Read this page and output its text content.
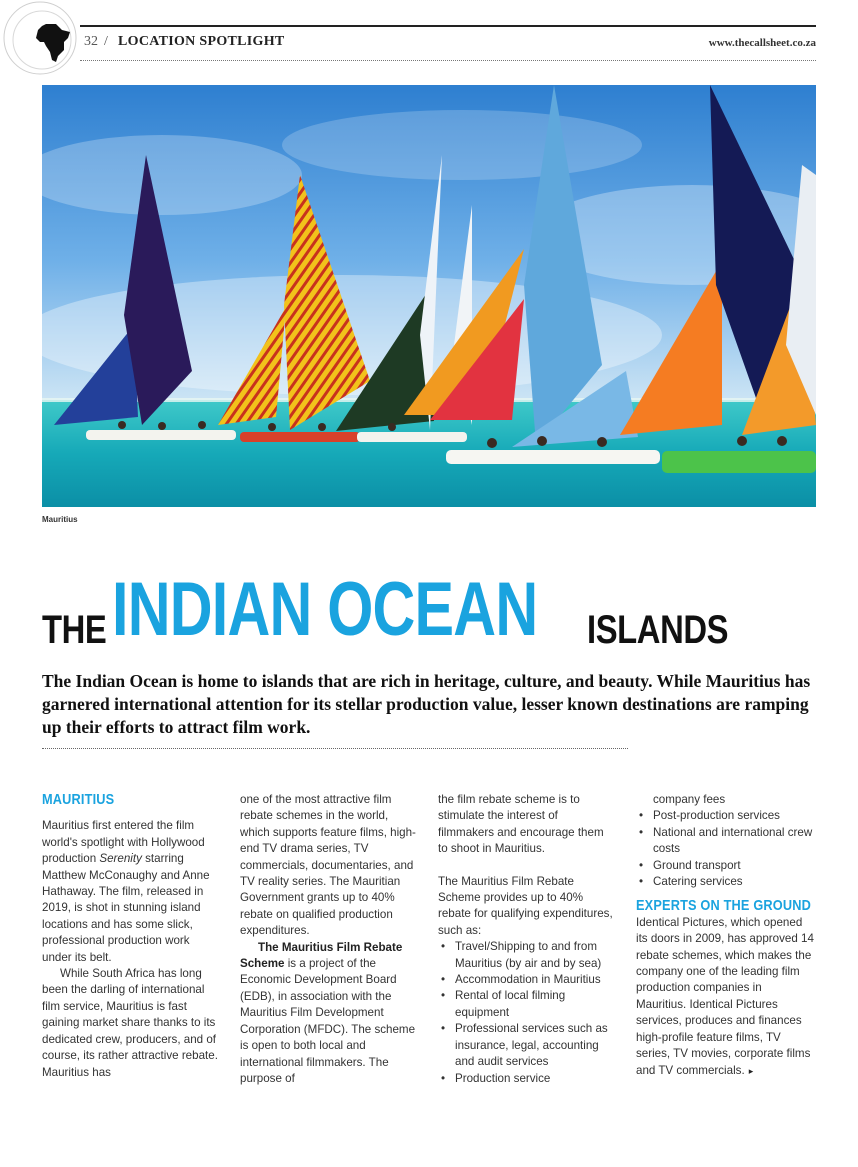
32 / LOCATION SPOTLIGHT	www.thecallsheet.co.za
Mauritius
THE INDIAN OCEAN	ISLANDS
The Indian Ocean is home to islands that are rich in heritage, culture, and beauty. While Mauritius has garnered international attention for its stellar production value, lesser known destinations are ramping up their efforts to attract film work.
MAURITIUS

Mauritius first entered the film world's spotlight with Hollywood production Serenity starring Matthew McConaughy and Anne Hathaway. The film, released in 2019, is shot in stunning island locations and has some slick, professional production work under its belt.

While South Africa has long been the darling of international film service, Mauritius is fast gaining market share thanks to its dedicated crew, producers, and of course, its rather attractive rebate. Mauritius has

one of the most attractive film rebate schemes in the world, which supports feature films, high-end TV drama series, TV commercials, documentaries, and TV reality series. The Mauritian Government grants up to 40% rebate on qualified production expenditures.

The Mauritius Film Rebate Scheme is a project of the Economic Development Board (EDB), in association with the Mauritius Film Development Corporation (MFDC). The scheme is open to both local and international filmmakers. The purpose of

the film rebate scheme is to stimulate the interest of filmmakers and encourage them to shoot in Mauritius.

The Mauritius Film Rebate Scheme provides up to 40% rebate for qualifying expenditures, such as:

• Travel/Shipping to and from Mauritius (by air and by sea)
• Accommodation in Mauritius
• Rental of local filming equipment
• Professional services such as insurance, legal, accounting and audit services
• Production service

company fees

• Post-production services
• National and international crew costs
• Ground transport
• Catering services
EXPERTS ON THE GROUND

Identical Pictures, which opened its doors in 2009, has approved 14 rebate schemes, which makes the company one of the leading film production companies in Mauritius. Identical Pictures services, produces and finances high-profile feature films, TV series, TV movies, corporate films and TV commercials. ▸
